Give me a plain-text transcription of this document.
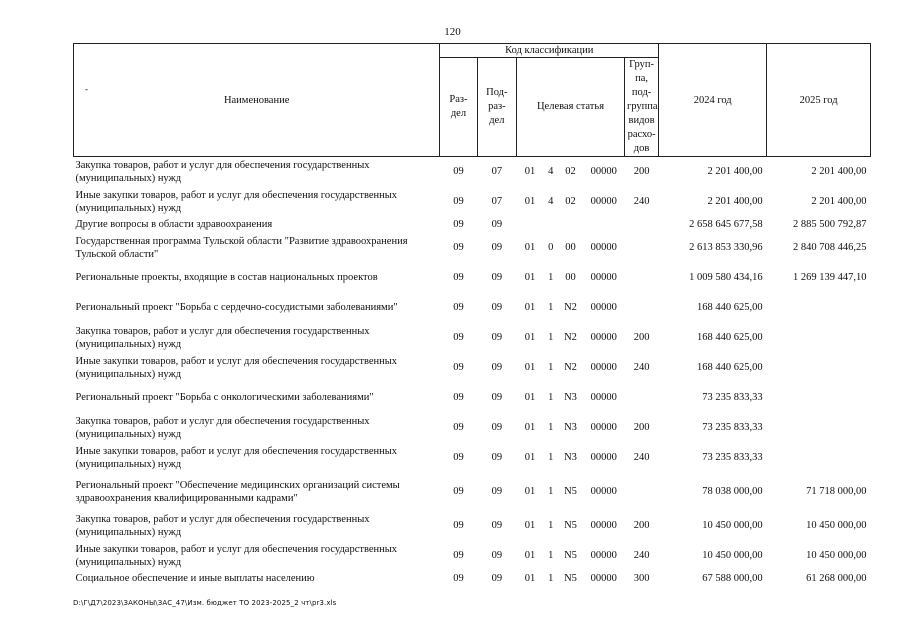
120
Наименование	Код классификации							2024 год	2025 год
	Раз- дел	Под- раз- дел	Целевая статья				Груп- па, под- группа видов расхо- дов		
Закупка товаров, работ и услуг для обеспечения государственных (муниципальных) нужд	09	07	01	4	02	00000	200	2 201 400,00	2 201 400,00
Иные закупки товаров, работ и услуг для обеспечения государственных (муниципальных) нужд	09	07	01	4	02	00000	240	2 201 400,00	2 201 400,00
Другие вопросы в области здравоохранения	09	09						2 658 645 677,58	2 885 500 792,87
Государственная программа Тульской области "Развитие здравоохранения Тульской области"	09	09	01	0	00	00000		2 613 853 330,96	2 840 708 446,25
Региональные проекты, входящие в состав национальных проектов	09	09	01	1	00	00000		1 009 580 434,16	1 269 139 447,10
Региональный проект "Борьба с сердечно-сосудистыми заболеваниями"	09	09	01	1	N2	00000		168 440 625,00	
Закупка товаров, работ и услуг для обеспечения государственных (муниципальных) нужд	09	09	01	1	N2	00000	200	168 440 625,00	
Иные закупки товаров, работ и услуг для обеспечения государственных (муниципальных) нужд	09	09	01	1	N2	00000	240	168 440 625,00	
Региональный проект "Борьба с онкологическими заболеваниями"	09	09	01	1	N3	00000		73 235 833,33	
Закупка товаров, работ и услуг для обеспечения государственных (муниципальных) нужд	09	09	01	1	N3	00000	200	73 235 833,33	
Иные закупки товаров, работ и услуг для обеспечения государственных (муниципальных) нужд	09	09	01	1	N3	00000	240	73 235 833,33	
Региональный проект "Обеспечение медицинских организаций системы здравоохранения квалифицированными кадрами"	09	09	01	1	N5	00000		78 038 000,00	71 718 000,00
Закупка товаров, работ и услуг для обеспечения государственных (муниципальных) нужд	09	09	01	1	N5	00000	200	10 450 000,00	10 450 000,00
Иные закупки товаров, работ и услуг для обеспечения государственных (муниципальных) нужд	09	09	01	1	N5	00000	240	10 450 000,00	10 450 000,00
Социальное обеспечение и иные выплаты населению	09	09	01	1	N5	00000	300	67 588 000,00	61 268 000,00
-
D:\Г\Д7\2023\ЗАКОНЫ\ЗАС_47\Изм. бюджет ТО 2023-2025_2 чт\pr3.xls
